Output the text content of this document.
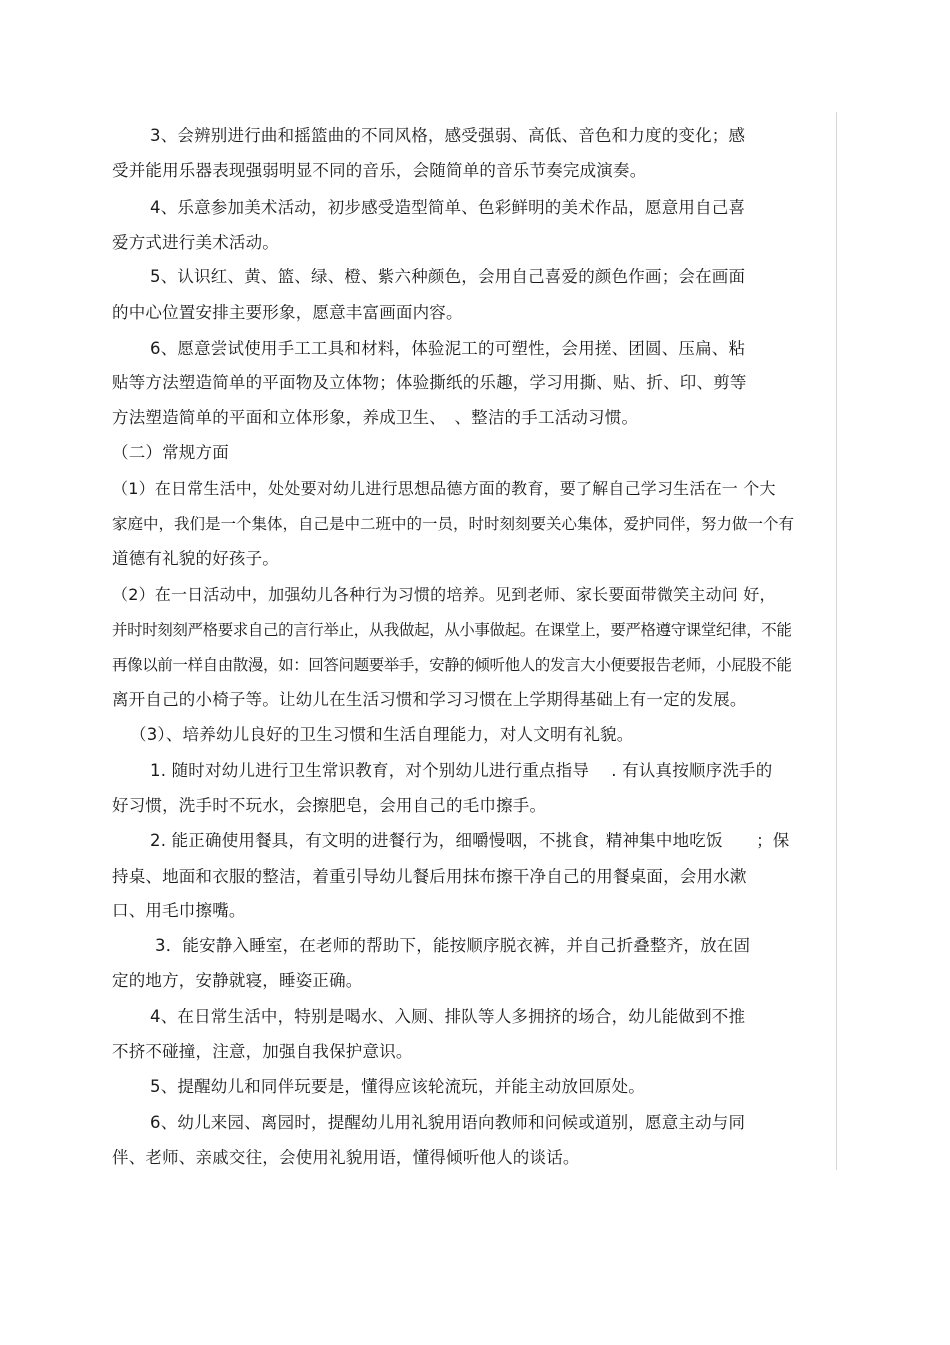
3、会辨别进行曲和摇篮曲的不同风格，感受强弱、高低、音色和力度的变化；感
受并能用乐器表现强弱明显不同的音乐，会随简单的音乐节奏完成演奏。
4、乐意参加美术活动，初步感受造型简单、色彩鲜明的美术作品，愿意用自己喜
爱方式进行美术活动。
5、认识红、黄、篮、绿、橙、紫六种颜色，会用自己喜爱的颜色作画；会在画面
的中心位置安排主要形象，愿意丰富画面内容。
6、愿意尝试使用手工工具和材料，体验泥工的可塑性，会用搓、团圆、压扁、粘
贴等方法塑造简单的平面物及立体物；体验撕纸的乐趣，学习用撕、贴、折、印、剪等
方法塑造简单的平面和立体形象，养成卫生、　、整洁的手工活动习惯。
（二）常规方面
（1）在日常生活中，处处要对幼儿进行思想品德方面的教育，要了解自己学习生活在一 个大
家庭中，我们是一个集体，自己是中二班中的一员，时时刻刻要关心集体，爱护同伴，努力做一个有
道德有礼貌的好孩子。
（2）在一日活动中，加强幼儿各种行为习惯的培养。见到老师、家长要面带微笑主动问 好，
并时时刻刻严格要求自己的言行举止，从我做起，从小事做起。在课堂上，要严格遵守课堂纪律，不能
再像以前一样自由散漫，如：回答问题要举手，安静的倾听他人的发言大小便要报告老师，小屁股不能
离开自己的小椅子等。让幼儿在生活习惯和学习习惯在上学期得基础上有一定的发展。
（3）、培养幼儿良好的卫生习惯和生活自理能力，对人文明有礼貌。
1. 随时对幼儿进行卫生常识教育，对个别幼儿进行重点指导　 . 有认真按顺序洗手的
好习惯，洗手时不玩水，会擦肥皂，会用自己的毛巾擦手。
2. 能正确使用餐具，有文明的进餐行为，细嚼慢咽，不挑食，精神集中地吃饭　　；保
持桌、地面和衣服的整洁，着重引导幼儿餐后用抹布擦干净自己的用餐桌面，会用水漱
口、用毛巾擦嘴。
3．能安静入睡室，在老师的帮助下，能按顺序脱衣裤，并自己折叠整齐，放在固
定的地方，安静就寝，睡姿正确。
4、在日常生活中，特别是喝水、入厕、排队等人多拥挤的场合，幼儿能做到不推
不挤不碰撞，注意，加强自我保护意识。
5、提醒幼儿和同伴玩要是，懂得应该轮流玩，并能主动放回原处。
6、幼儿来园、离园时，提醒幼儿用礼貌用语向教师和问候或道别，愿意主动与同
伴、老师、亲戚交往，会使用礼貌用语，懂得倾听他人的谈话。
